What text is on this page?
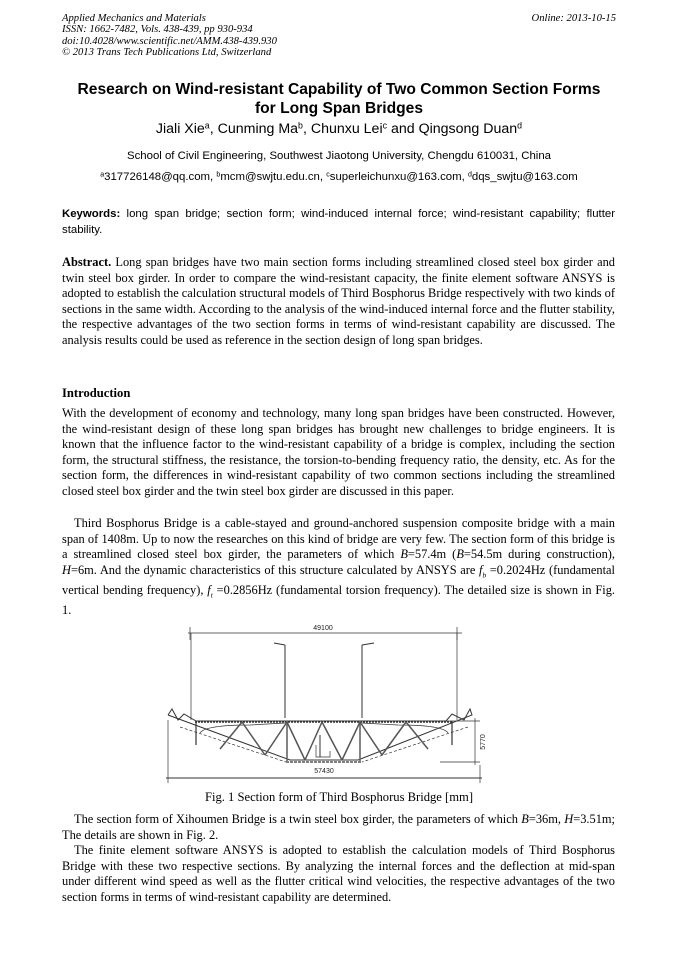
Applied Mechanics and Materials
ISSN: 1662-7482, Vols. 438-439, pp 930-934
doi:10.4028/www.scientific.net/AMM.438-439.930
© 2013 Trans Tech Publications Ltd, Switzerland
Online: 2013-10-15
Research on Wind-resistant Capability of Two Common Section Forms
for Long Span Bridges
Jiali Xie$^a$, Cunming Ma$^b$, Chunxu Lei$^c$ and Qingsong Duan$^d$
School of Civil Engineering, Southwest Jiaotong University, Chengdu 610031, China
$^a$317726148@qq.com, $^b$mcm@swjtu.edu.cn, $^c$superleichunxu@163.com, $^d$dqs_swjtu@163.com
Keywords: long span bridge; section form; wind-induced internal force; wind-resistant capability; flutter stability.
Abstract. Long span bridges have two main section forms including streamlined closed steel box girder and twin steel box girder. In order to compare the wind-resistant capacity, the finite element software ANSYS is adopted to establish the calculation structural models of Third Bosphorus Bridge respectively with two kinds of sections in the same width. According to the analysis of the wind-induced internal force and the flutter stability, the respective advantages of the two section forms in terms of wind-resistant capability are discussed. The analysis results could be used as reference in the section design of long span bridges.
Introduction
With the development of economy and technology, many long span bridges have been constructed. However, the wind-resistant design of these long span bridges has brought new challenges to bridge engineers. It is known that the influence factor to the wind-resistant capability of a bridge is complex, including the section form, the structural stiffness, the resistance, the torsion-to-bending frequency ratio, the density, etc. As for the section form, the differences in wind-resistant capability of two common sections including the streamlined closed steel box girder and the twin steel box girder are discussed in this paper.
Third Bosphorus Bridge is a cable-stayed and ground-anchored suspension composite bridge with a main span of 1408m. Up to now the researches on this kind of bridge are very few. The section form of this bridge is a streamlined closed steel box girder, the parameters of which B=57.4m (B=54.5m during construction), H=6m. And the dynamic characteristics of this structure calculated by ANSYS are $f_b =0.2024Hz$ (fundamental vertical bending frequency), $f_t =0.2856Hz$ (fundamental torsion frequency). The detailed size is shown in Fig. 1.
49100
57430
5770
Fig. 1 Section form of Third Bosphorus Bridge [mm]
The section form of Xihoumen Bridge is a twin steel box girder, the parameters of which B=36m, H=3.51m; The details are shown in Fig. 2.
The finite element software ANSYS is adopted to establish the calculation models of Third Bosphorus Bridge with these two respective sections. By analyzing the internal forces and the deflection at mid-span under different wind speed as well as the flutter critical wind velocities, the respective advantages of the two section forms in terms of wind-resistant capability are determined.
